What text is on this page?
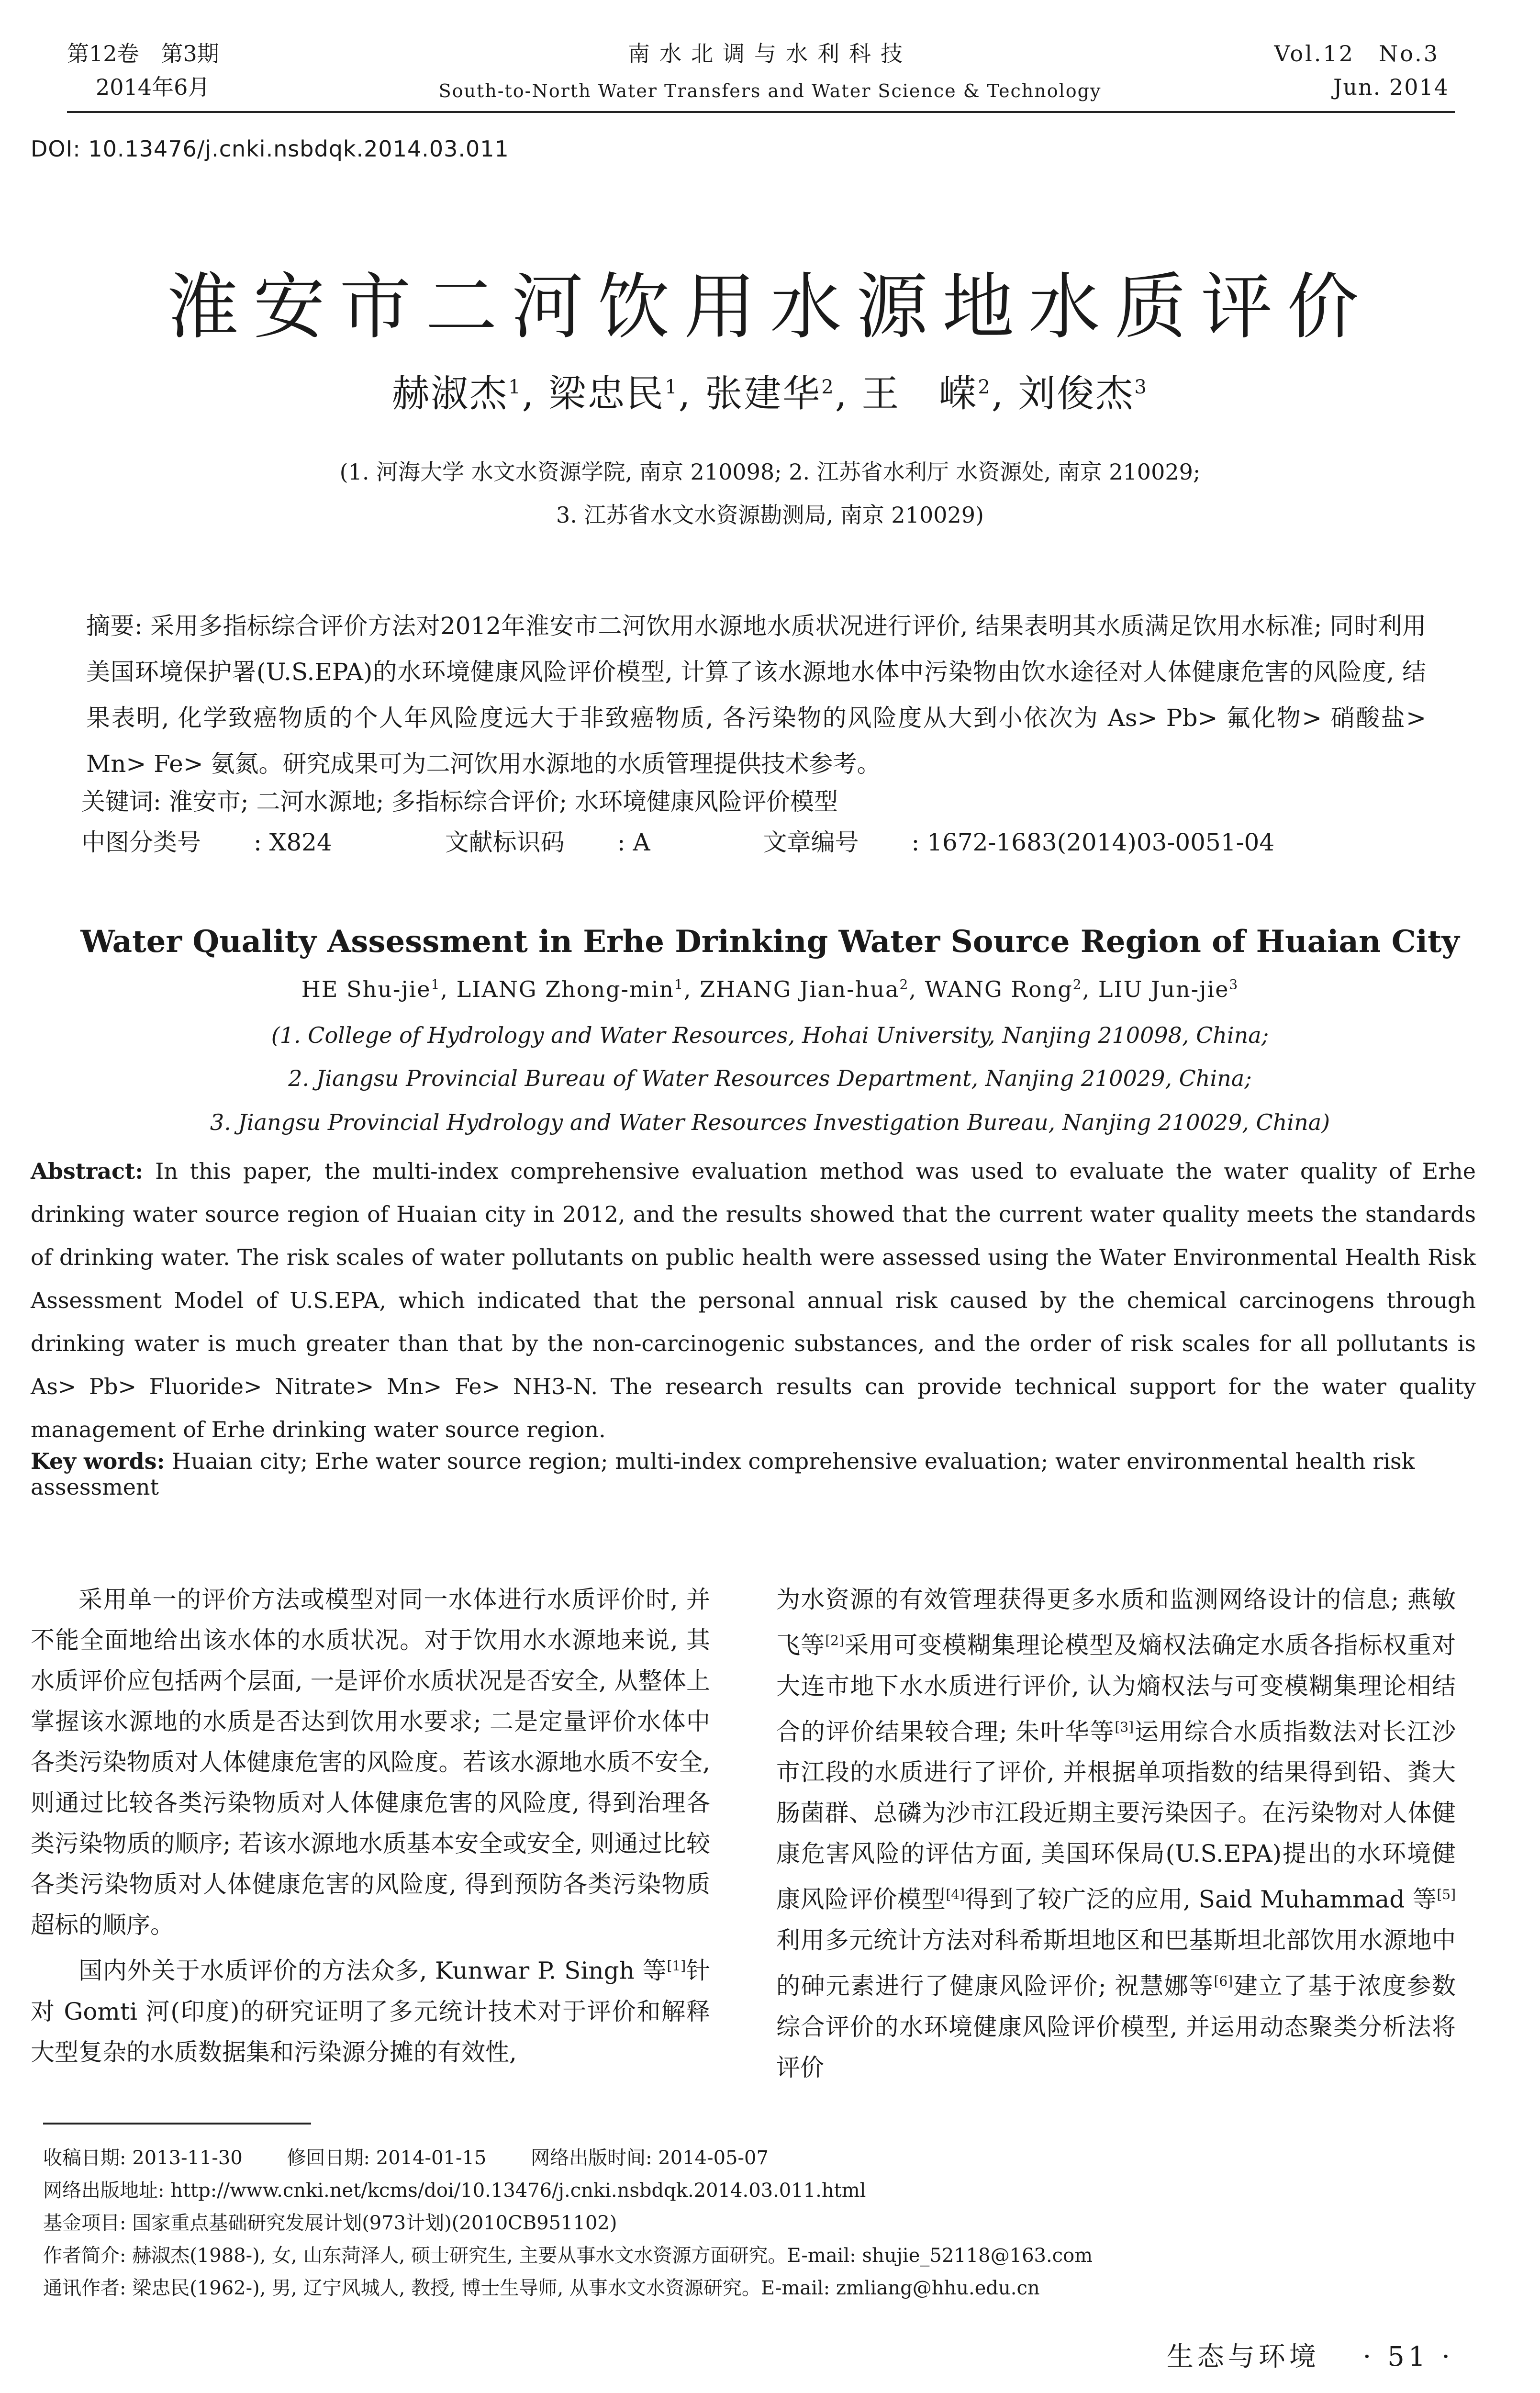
第12卷　第3期
2014年6月
南水北调与水利科技
South-to-North Water Transfers and Water Science & Technology
Vol.12　No.3
Jun. 2014
DOI: 10.13476/j.cnki.nsbdqk.2014.03.011
淮安市二河饮用水源地水质评价
赫淑杰$^1$, 梁忠民$^1$, 张建华$^2$, 王　嵘$^2$, 刘俊杰$^3$
(1. 河海大学 水文水资源学院, 南京 210098; 2. 江苏省水利厅 水资源处, 南京 210029;
3. 江苏省水文水资源勘测局, 南京 210029)
摘要: 采用多指标综合评价方法对2012年淮安市二河饮用水源地水质状况进行评价, 结果表明其水质满足饮用水标准; 同时利用美国环境保护署(U.S.EPA)的水环境健康风险评价模型, 计算了该水源地水体中污染物由饮水途径对人体健康危害的风险度, 结果表明, 化学致癌物质的个人年风险度远大于非致癌物质, 各污染物的风险度从大到小依次为 As> Pb> 氟化物> 硝酸盐> Mn> Fe> 氨氮。研究成果可为二河饮用水源地的水质管理提供技术参考。
关键词: 淮安市; 二河水源地; 多指标综合评价; 水环境健康风险评价模型
中图分类号 : X824	文献标识码 : A	文章编号 : 1672-1683(2014)03-0051-04
Water Quality Assessment in Erhe Drinking Water Source Region of Huaian City
HE Shu-jie$^1$, LIANG Zhong-$\min^1$, ZHANG Jian-hua$^2$, WANG Rong$^2$, LIU Jun-jie$^3$
(1. College of Hydrology and Water Resources, Hohai University, Nanjing 210098, China;
2. Jiangsu Provincial Bureau of Water Resources Department, Nanjing 210029, China;
3. Jiangsu Provincial Hydrology and Water Resources Investigation Bureau, Nanjing 210029, China)
Abstract: In this paper, the multi-index comprehensive evaluation method was used to evaluate the water quality of Erhe drinking water source region of Huaian city in 2012, and the results showed that the current water quality meets the standards of drinking water. The risk scales of water pollutants on public health were assessed using the Water Environmental Health Risk Assessment Model of U.S.EPA, which indicated that the personal annual risk caused by the chemical carcinogens through drinking water is much greater than that by the non-carcinogenic substances, and the order of risk scales for all pollutants is As> Pb> Fluoride> Nitrate> Mn> Fe> NH3-N. The research results can provide technical support for the water quality management of Erhe drinking water source region.
Key words: Huaian city; Erhe water source region; multi-index comprehensive evaluation; water environmental health risk assessment

采用单一的评价方法或模型对同一水体进行水质评价时, 并不能全面地给出该水体的水质状况。对于饮用水水源地来说, 其水质评价应包括两个层面, 一是评价水质状况是否安全, 从整体上掌握该水源地的水质是否达到饮用水要求; 二是定量评价水体中各类污染物质对人体健康危害的风险度。若该水源地水质不安全, 则通过比较各类污染物质对人体健康危害的风险度, 得到治理各类污染物质的顺序; 若该水源地水质基本安全或安全, 则通过比较各类污染物质对人体健康危害的风险度, 得到预防各类污染物质超标的顺序。

国内外关于水质评价的方法众多, Kunwar P. Singh 等[1]针对 Gomti 河(印度)的研究证明了多元统计技术对于评价和解释大型复杂的水质数据集和污染源分摊的有效性,

为水资源的有效管理获得更多水质和监测网络设计的信息; 燕敏飞等[2]采用可变模糊集理论模型及熵权法确定水质各指标权重对大连市地下水水质进行评价, 认为熵权法与可变模糊集理论相结合的评价结果较合理; 朱叶华等[3]运用综合水质指数法对长江沙市江段的水质进行了评价, 并根据单项指数的结果得到铅、粪大肠菌群、总磷为沙市江段近期主要污染因子。在污染物对人体健康危害风险的评估方面, 美国环保局(U.S.EPA)提出的水环境健康风险评价模型[4]得到了较广泛的应用, Said Muhammad 等[5]利用多元统计方法对科希斯坦地区和巴基斯坦北部饮用水源地中的砷元素进行了健康风险评价; 祝慧娜等[6]建立了基于浓度参数综合评价的水环境健康风险评价模型, 并运用动态聚类分析法将评价

收稿日期: 2013-11-30　　 修回日期: 2014-01-15　　 网络出版时间: 2014-05-07
网络出版地址: http://www.cnki.net/kcms/doi/10.13476/j.cnki.nsbdqk.2014.03.011.html
基金项目: 国家重点基础研究发展计划(973计划)(2010CB951102)
作者简介: 赫淑杰(1988-), 女, 山东菏泽人, 硕士研究生, 主要从事水文水资源方面研究。E-mail: shujie_52118@163.com
通讯作者: 梁忠民(1962-), 男, 辽宁风城人, 教授, 博士生导师, 从事水文水资源研究。E-mail: zmliang@hhu.edu.cn
生态与环境　 · 51 ·
